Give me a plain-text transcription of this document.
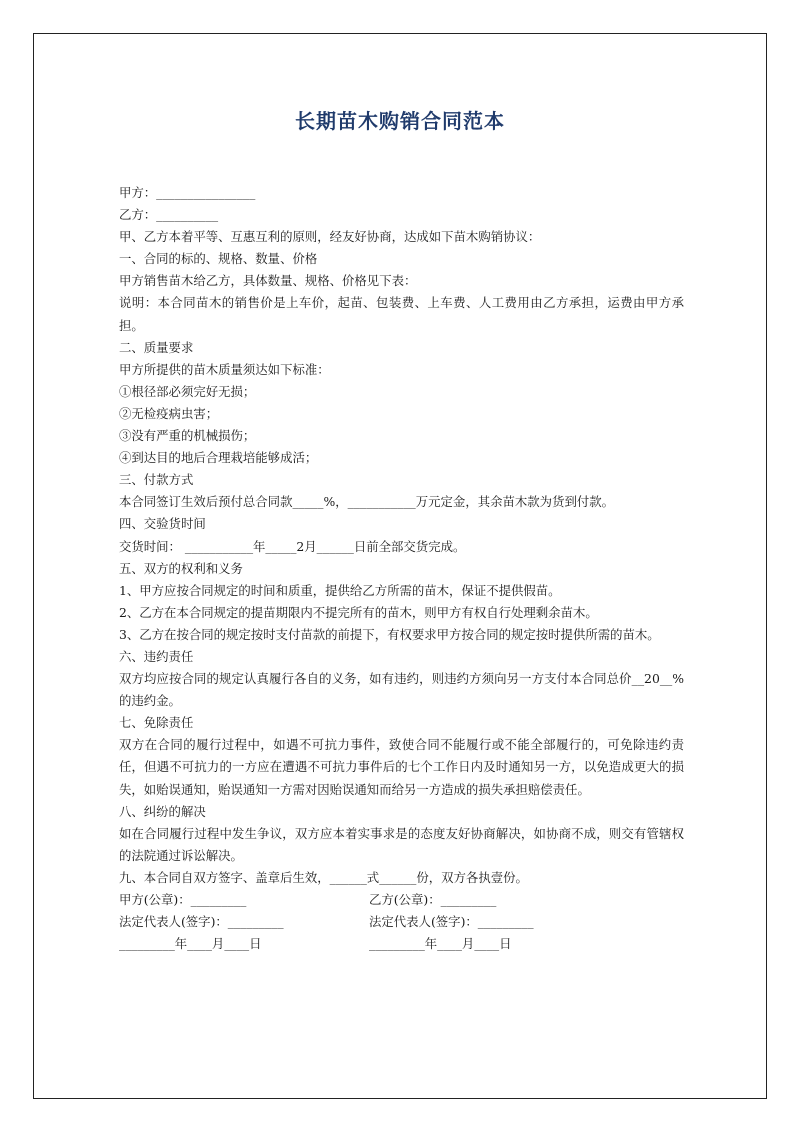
长期苗木购销合同范本

甲方：________________

乙方：__________

甲、乙方本着平等、互惠互利的原则，经友好协商，达成如下苗木购销协议：

一、合同的标的、规格、数量、价格

甲方销售苗木给乙方，具体数量、规格、价格见下表：

说明：本合同苗木的销售价是上车价，起苗、包装费、上车费、人工费用由乙方承担，运费由甲方承担。

二、质量要求

甲方所提供的苗木质量须达如下标准：

①根径部必须完好无损；

②无检疫病虫害；

③没有严重的机械损伤；

④到达目的地后合理栽培能够成活；

三、付款方式

本合同签订生效后预付总合同款_____%，___________万元定金，其余苗木款为货到付款。

四、交验货时间

交货时间： ___________年_____2月______日前全部交货完成。

五、双方的权利和义务

1、甲方应按合同规定的时间和质重，提供给乙方所需的苗木，保证不提供假苗。

2、乙方在本合同规定的提苗期限内不提完所有的苗木，则甲方有权自行处理剩余苗木。

3、乙方在按合同的规定按时支付苗款的前提下，有权要求甲方按合同的规定按时提供所需的苗木。

六、违约责任

双方均应按合同的规定认真履行各自的义务，如有违约，则违约方须向另一方支付本合同总价__20__%的违约金。

七、免除责任

双方在合同的履行过程中，如遇不可抗力事件，致使合同不能履行或不能全部履行的，可免除违约责任，但遇不可抗力的一方应在遭遇不可抗力事件后的七个工作日内及时通知另一方，以免造成更大的损失，如贻误通知，贻误通知一方需对因贻误通知而给另一方造成的损失承担赔偿责任。

八、纠纷的解决

如在合同履行过程中发生争议，双方应本着实事求是的态度友好协商解决，如协商不成，则交有管辖权的法院通过诉讼解决。

九、本合同自双方签字、盖章后生效，______式______份，双方各执壹份。

甲方(公章)：_________	乙方(公章)：_________
法定代表人(签字)：_________	法定代表人(签字)：_________
_________年____月____日	_________年____月____日
